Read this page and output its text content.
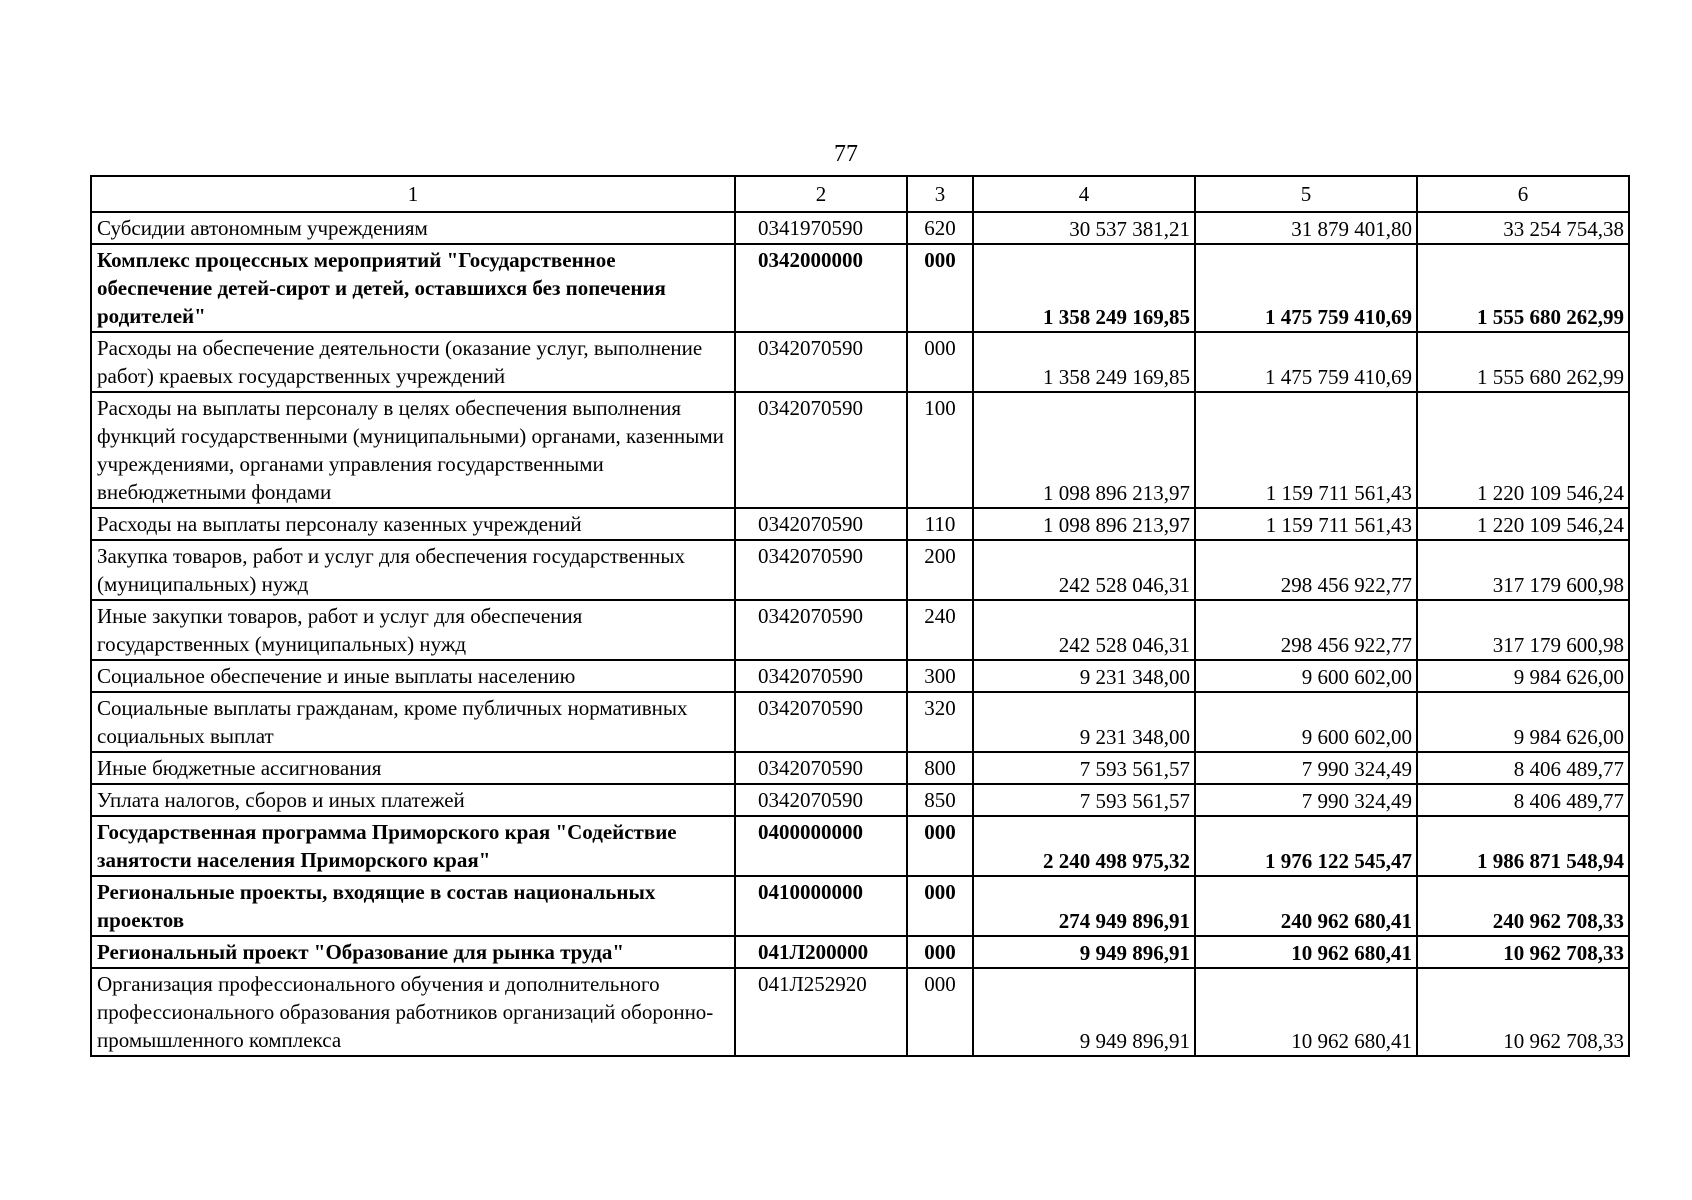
77
1	2	3	4	5	6
Субсидии автономным учреждениям	0341970590	620	30 537 381,21	31 879 401,80	33 254 754,38
Комплекс процессных мероприятий "Государственное обеспечение детей-сирот и детей, оставшихся без попечения родителей"	0342000000	000	1 358 249 169,85	1 475 759 410,69	1 555 680 262,99
Расходы на обеспечение деятельности (оказание услуг, выполнение работ) краевых государственных учреждений	0342070590	000	1 358 249 169,85	1 475 759 410,69	1 555 680 262,99
Расходы на выплаты персоналу в целях обеспечения выполнения функций государственными (муниципальными) органами, казенными учреждениями, органами управления государственными внебюджетными фондами	0342070590	100	1 098 896 213,97	1 159 711 561,43	1 220 109 546,24
Расходы на выплаты персоналу казенных учреждений	0342070590	110	1 098 896 213,97	1 159 711 561,43	1 220 109 546,24
Закупка товаров, работ и услуг для обеспечения государственных (муниципальных) нужд	0342070590	200	242 528 046,31	298 456 922,77	317 179 600,98
Иные закупки товаров, работ и услуг для обеспечения государственных (муниципальных) нужд	0342070590	240	242 528 046,31	298 456 922,77	317 179 600,98
Социальное обеспечение и иные выплаты населению	0342070590	300	9 231 348,00	9 600 602,00	9 984 626,00
Социальные выплаты гражданам, кроме публичных нормативных социальных выплат	0342070590	320	9 231 348,00	9 600 602,00	9 984 626,00
Иные бюджетные ассигнования	0342070590	800	7 593 561,57	7 990 324,49	8 406 489,77
Уплата налогов, сборов и иных платежей	0342070590	850	7 593 561,57	7 990 324,49	8 406 489,77
Государственная программа Приморского края "Содействие занятости населения Приморского края"	0400000000	000	2 240 498 975,32	1 976 122 545,47	1 986 871 548,94
Региональные проекты, входящие в состав национальных проектов	0410000000	000	274 949 896,91	240 962 680,41	240 962 708,33
Региональный проект "Образование для рынка труда"	041Л200000	000	9 949 896,91	10 962 680,41	10 962 708,33
Организация профессионального обучения и дополнительного профессионального образования работников организаций оборонно-промышленного комплекса	041Л252920	000	9 949 896,91	10 962 680,41	10 962 708,33
